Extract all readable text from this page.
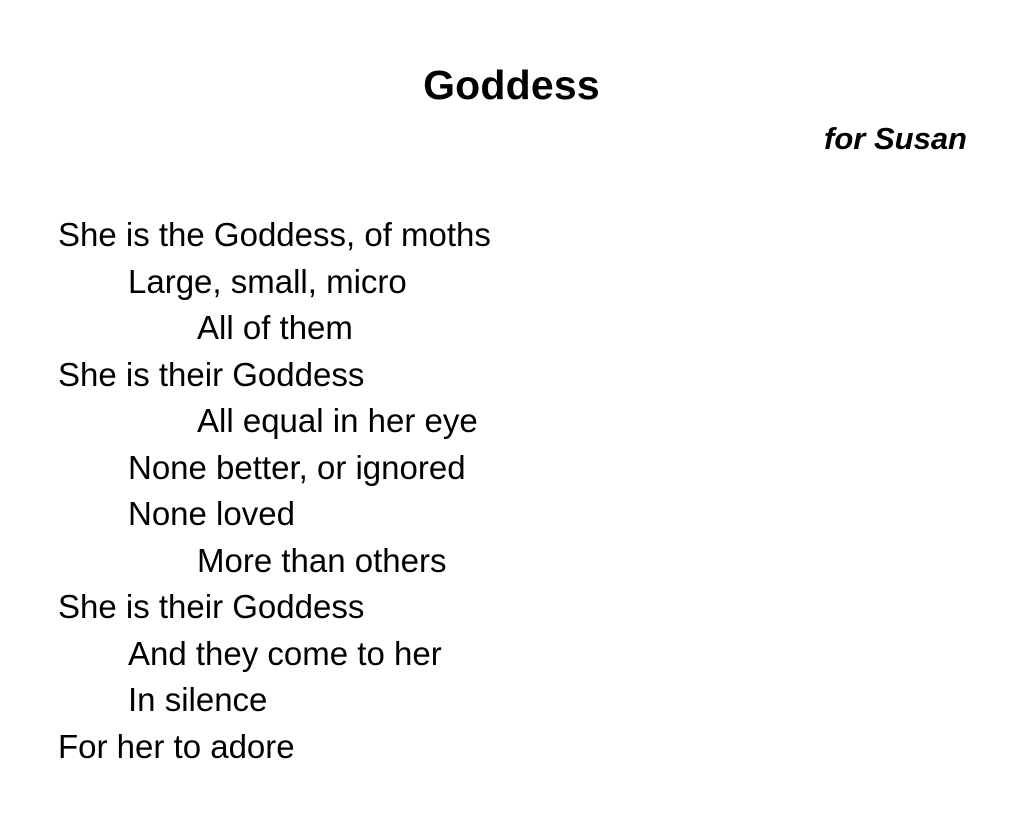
Goddess
for Susan
She is the Goddess, of moths
Large, small, micro
All of them
She is their Goddess
All equal in her eye
None better, or ignored
None loved
More than others
She is their Goddess
And they come to her
In silence
For her to adore
